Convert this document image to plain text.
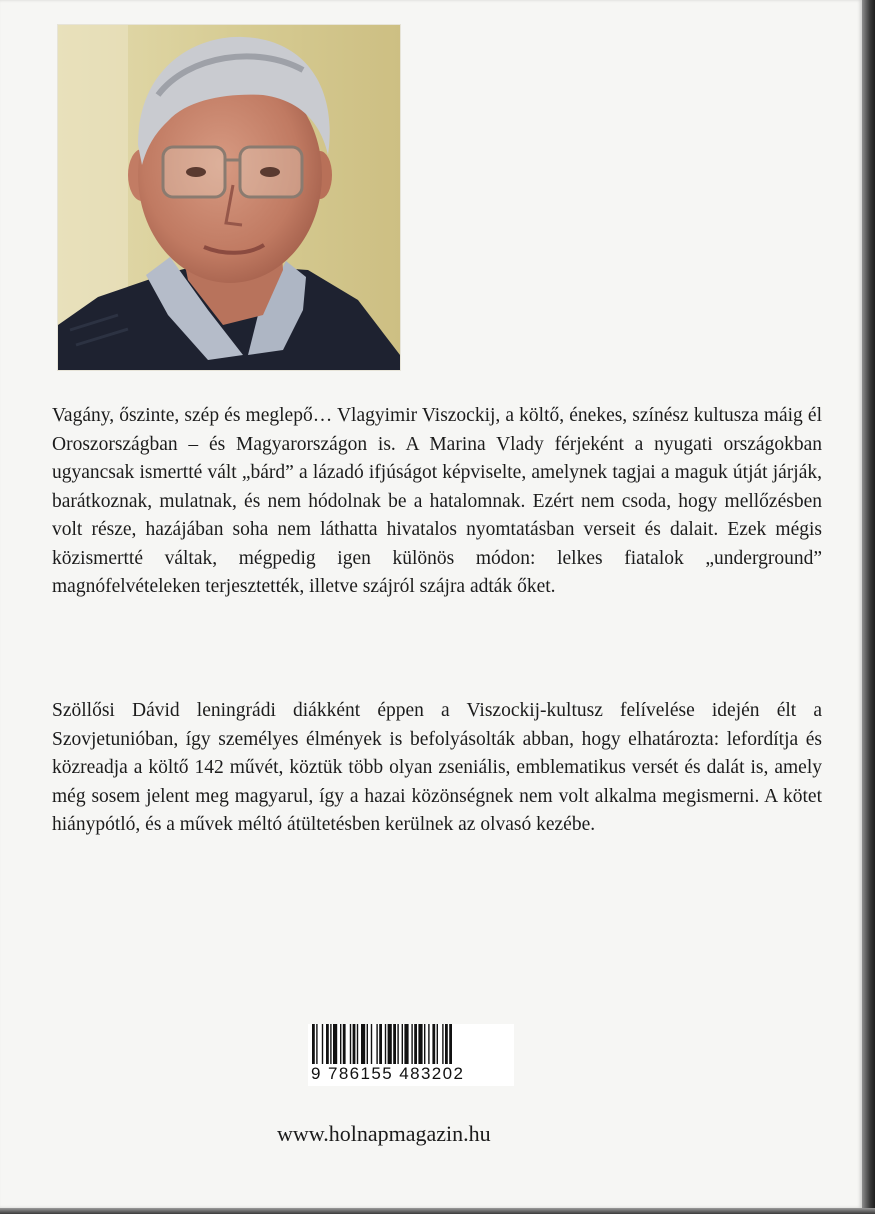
Vagány, őszinte, szép és meglepő… Vlagyimir Viszockij, a költő, énekes, színész kultusza máig él Oroszországban – és Magyarországon is. A Marina Vlady férjeként a nyugati országokban ugyancsak ismertté vált „bárd” a lázadó ifjúságot képviselte, amelynek tagjai a maguk útját járják, barátkoznak, mulatnak, és nem hódolnak be a hatalomnak. Ezért nem csoda, hogy mellőzésben volt része, hazájában soha nem láthatta hivatalos nyomtatásban verseit és dalait. Ezek mégis közismertté váltak, mégpedig igen különös módon: lelkes fiatalok „underground” magnófelvételeken terjesztették, illetve szájról szájra adták őket.

Szöllősi Dávid leningrádi diákként éppen a Viszockij-kultusz felívelése idején élt a Szovjetunióban, így személyes élmények is befolyásolták abban, hogy elhatározta: lefordítja és közreadja a költő 142 művét, köztük több olyan zseniális, emblematikus versét és dalát is, amely még sosem jelent meg magyarul, így a hazai közönségnek nem volt alkalma megismerni. A kötet hiánypótló, és a művek méltó átültetésben kerülnek az olvasó kezébe.

9 786155 483202
www.holnapmagazin.hu
